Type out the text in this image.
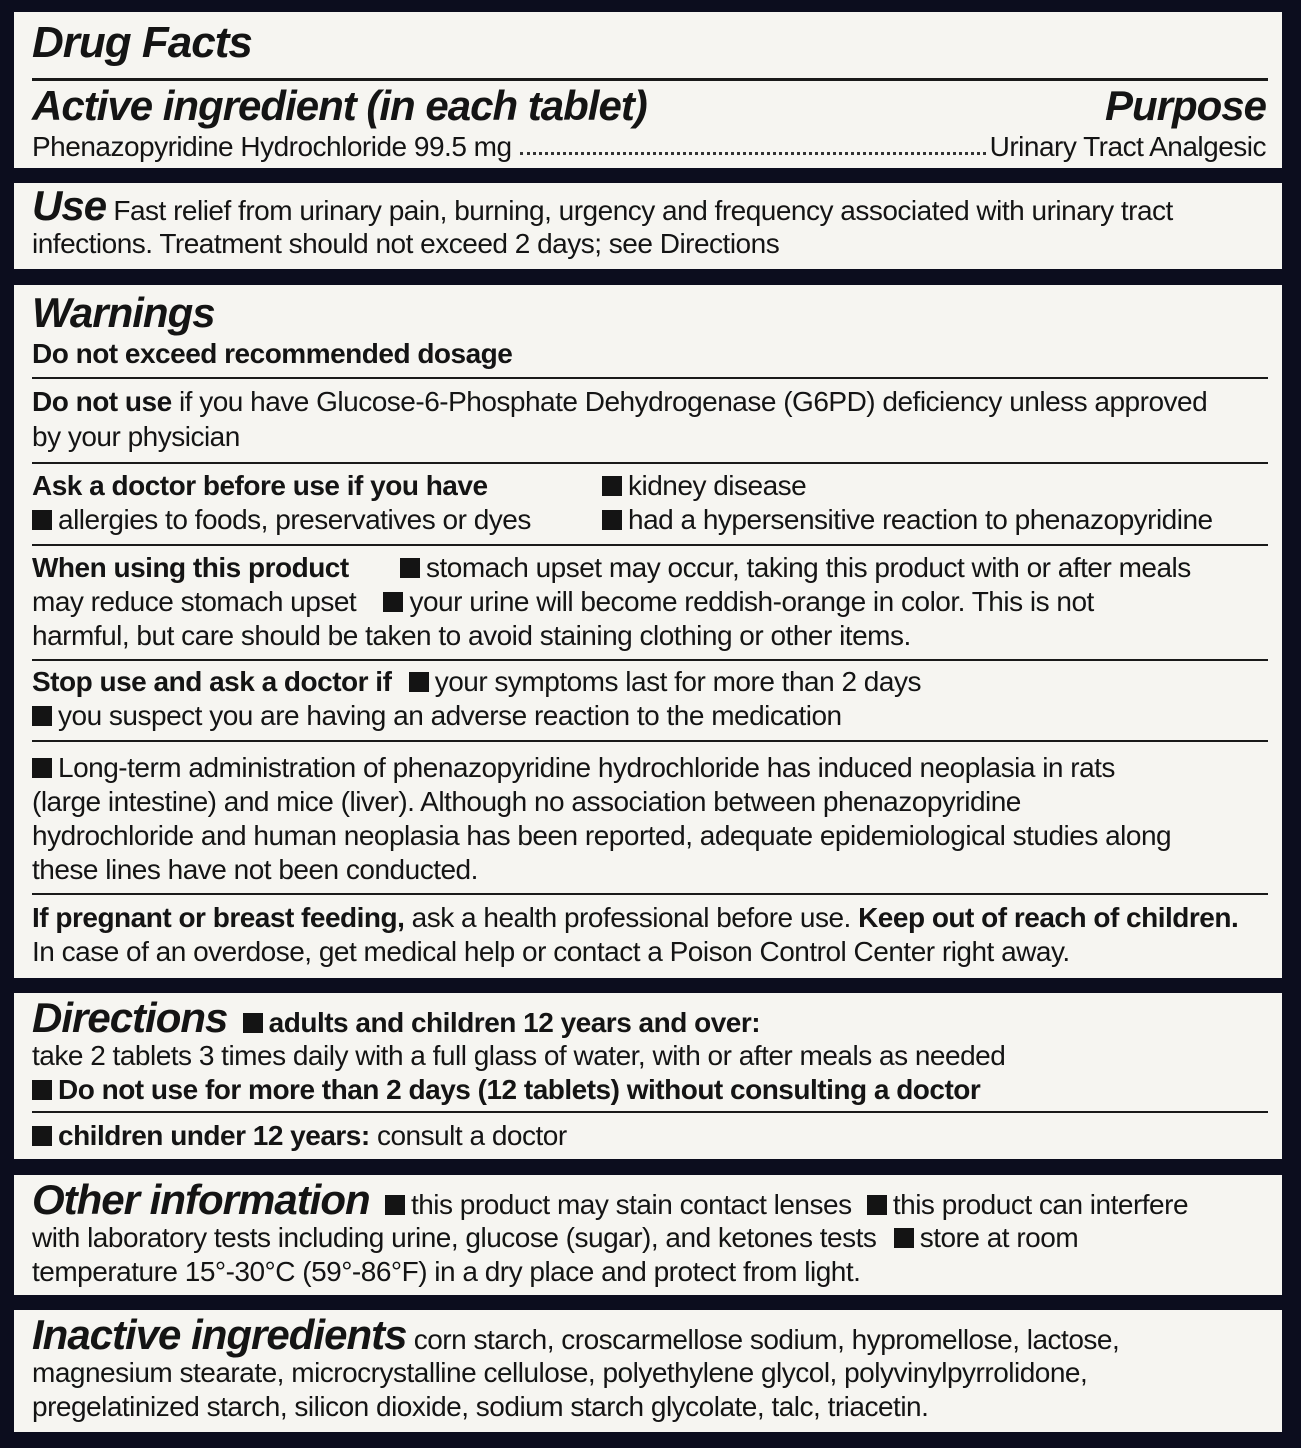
Drug Facts
Active ingredient (in each tablet)	Purpose
Phenazopyridine Hydrochloride 99.5 mg	Urinary Tract Analgesic
Use Fast relief from urinary pain, burning, urgency and frequency associated with urinary tract
infections. Treatment should not exceed 2 days; see Directions
Warnings
Do not exceed recommended dosage
Do not use if you have Glucose-6-Phosphate Dehydrogenase (G6PD) deficiency unless approved
by your physician
Ask a doctor before use if you have	kidney disease
allergies to foods, preservatives or dyes	had a hypersensitive reaction to phenazopyridine
When using this product	stomach upset may occur, taking this product with or after meals
may reduce stomach upset your urine will become reddish-orange in color. This is not
harmful, but care should be taken to avoid staining clothing or other items.
Stop use and ask a doctor if your symptoms last for more than 2 days
you suspect you are having an adverse reaction to the medication
Long-term administration of phenazopyridine hydrochloride has induced neoplasia in rats
(large intestine) and mice (liver). Although no association between phenazopyridine
hydrochloride and human neoplasia has been reported, adequate epidemiological studies along
these lines have not been conducted.
If pregnant or breast feeding, ask a health professional before use. Keep out of reach of children.
In case of an overdose, get medical help or contact a Poison Control Center right away.
Directions adults and children 12 years and over:
take 2 tablets 3 times daily with a full glass of water, with or after meals as needed
Do not use for more than 2 days (12 tablets) without consulting a doctor
children under 12 years: consult a doctor
Other information this product may stain contact lenses this product can interfere
with laboratory tests including urine, glucose (sugar), and ketones tests store at room
temperature 15°-30°C (59°-86°F) in a dry place and protect from light.
Inactive ingredients corn starch, croscarmellose sodium, hypromellose, lactose,
magnesium stearate, microcrystalline cellulose, polyethylene glycol, polyvinylpyrrolidone,
pregelatinized starch, silicon dioxide, sodium starch glycolate, talc, triacetin.
